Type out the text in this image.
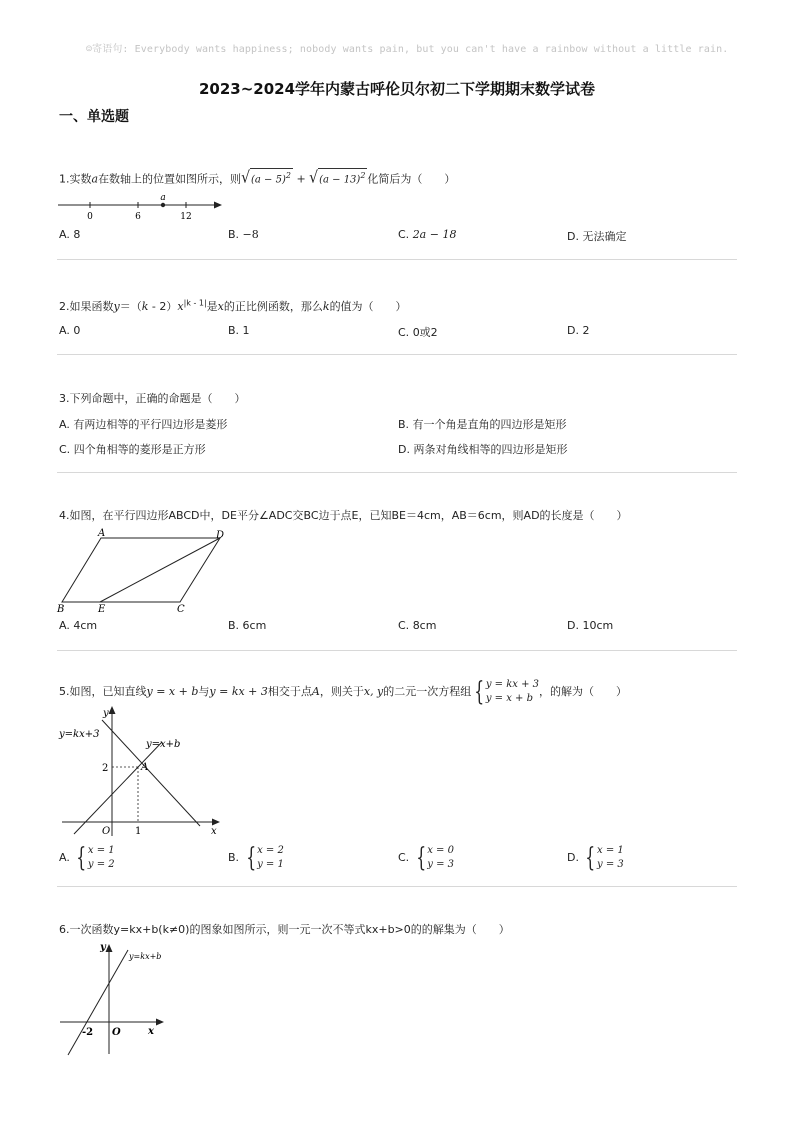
☺寄语句: Everybody wants happiness; nobody wants pain, but you can't have a rainbow without a little rain.
2023~2024学年内蒙古呼伦贝尔初二下学期期末数学试卷
一、单选题
1.实数a在数轴上的位置如图所示，则$√(a - 5)^2 + √(a - 13)^2$ 化简后为（　　）
0	6	12
a
A. 8	B. −8	C. 2a − 18	D. 无法确定
2.如果函数$y=(k - 2)x^{|k - 1|}$是x的正比例函数，那么k的值为（　　）
A. 0	B. 1	C. 0或2	D. 2
3.下列命题中，正确的命题是（　　）
A. 有两边相等的平行四边形是菱形	B. 有一个角是直角的四边形是矩形
C. 四个角相等的菱形是正方形	D. 两条对角线相等的四边形是矩形
4.如图，在平行四边形ABCD中，DE平分∠ADC交BC边于点E，已知BE＝4cm，AB＝6cm，则AD的长度是（　　）
A	D
B	E	C
A. 4cm	B. 6cm	C. 8cm	D. 10cm
5.如图，已知直线y = x + b与y = kx + 3相交于点A，则关于x, y的二元一次方程组 { y = kx + 3
y = x + b
，的解为（　　）
y=kx+3
y=x+b
y
x
O 1
2	A
A. { x = 1
y = 2
B. { x = 2
y = 1
C. { x = 0
y = 3
D. { x = 1
y = 3
6.一次函数y=kx+b(k≠0)的图象如图所示，则一元一次不等式kx+b>0的的解集为（　　）
y=kx+b
y
x
O
-2
